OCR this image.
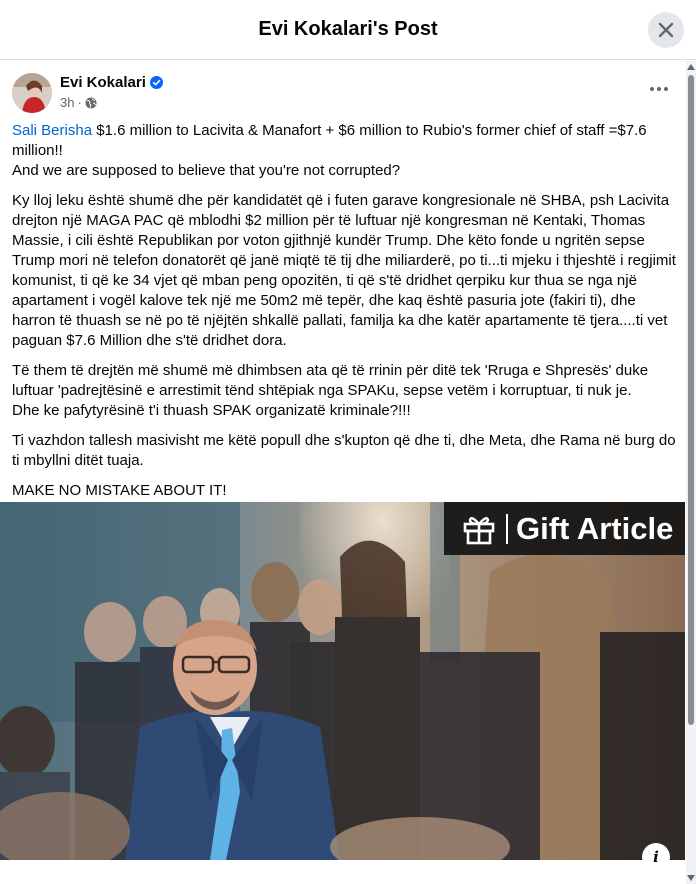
Evi Kokalari's Post
Evi Kokalari
3h ·

Sali Berisha $1.6 million to Lacivita & Manafort + $6 million to Rubio's former chief of staff =$7.6 million!!
And we are supposed to believe that you're not corrupted?

Ky lloj leku është shumë dhe për kandidatët që i futen garave kongresionale në SHBA, psh Lacivita drejton një MAGA PAC që mblodhi $2 million për të luftuar një kongresman në Kentaki, Thomas Massie, i cili është Republikan por voton gjithnjë kundër Trump. Dhe këto fonde u ngritën sepse Trump mori në telefon donatorët që janë miqtë të tij dhe miliarderë, po ti...ti mjeku i thjeshtë i regjimit komunist, ti që ke 34 vjet që mban peng opozitën, ti që s'të dridhet qerpiku kur thua se nga një apartament i vogël kalove tek një me 50m2 më tepër, dhe kaq është pasuria jote (fakiri ti), dhe harron të thuash se në po të njëjtën shkallë pallati, familja ka dhe katër apartamente të tjera....ti vet paguan $7.6 Million dhe s'të dridhet dora.

Të them të drejtën më shumë më dhimbsen ata që të rrinin për ditë tek 'Rruga e Shpresës' duke luftuar 'padrejtësinë e arrestimit tënd shtëpiak nga SPAKu, sepse vetëm i korruptuar, ti nuk je.
Dhe ke pafytyrësinë t'i thuash SPAK organizatë kriminale?!!!

Ti vazhdon tallesh masivisht me këtë popull dhe s'kupton që dhe ti, dhe Meta, dhe Rama në burg do ti mbyllni ditët tuaja.

MAKE NO MISTAKE ABOUT IT!

Gift Article
i
